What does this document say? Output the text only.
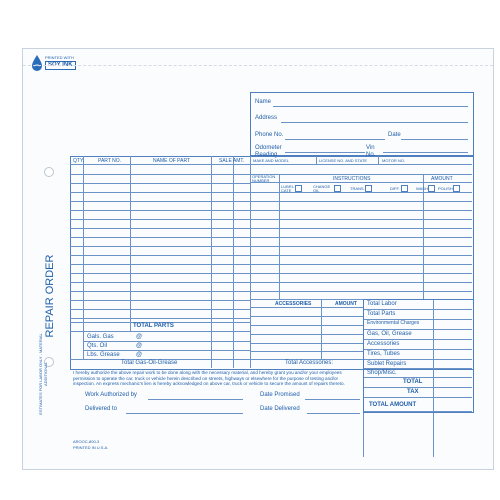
PRINTED WITH
SOY INK
Name
Address
Phone No.	Date
Odometer Reading
Vin No.
QTY.	PART NO.	NAME OF PART	SALE AMT.
TOTAL PARTS
Gals. Gas	@
Qts. Oil	@
Lbs. Grease	@
Total Gas-Oil-Grease
MAKE AND MODEL	LICENSE NO. AND STATE	MOTOR NO.
OPERATION NUMBER	INSTRUCTIONS	AMOUNT
LUBRI-CATE
CHANGE OIL	TRANS.	DIFF.	WASH	POLISH
ACCESSORIES	AMOUNT
Total Accessories:
Total Labor
Total Parts
Environmental Charges
Gas, Oil, Grease
Accessories
Tires, Tubes
Sublet Repairs
Shop/Misc.
TOTAL
TAX
TOTAL AMOUNT
I hereby authorize the above repair work to be done along with the necessary material, and hereby grant you and/or your employees permission to operate the car, truck or vehicle herein described on streets, highways or elsewhere for the purpose of testing and/or inspection. An express mechanic's lien is hereby acknowledged on above car, truck or vehicle to secure the amount of repairs thereto.
Work Authorized by	Date Promised
Delivered to	Date Delivered
REPAIR ORDER
ESTIMATES FOR LABOR ONLY - MATERIAL ADDITIONAL
AROOC-800-3
PRINTED IN U.S.A.
